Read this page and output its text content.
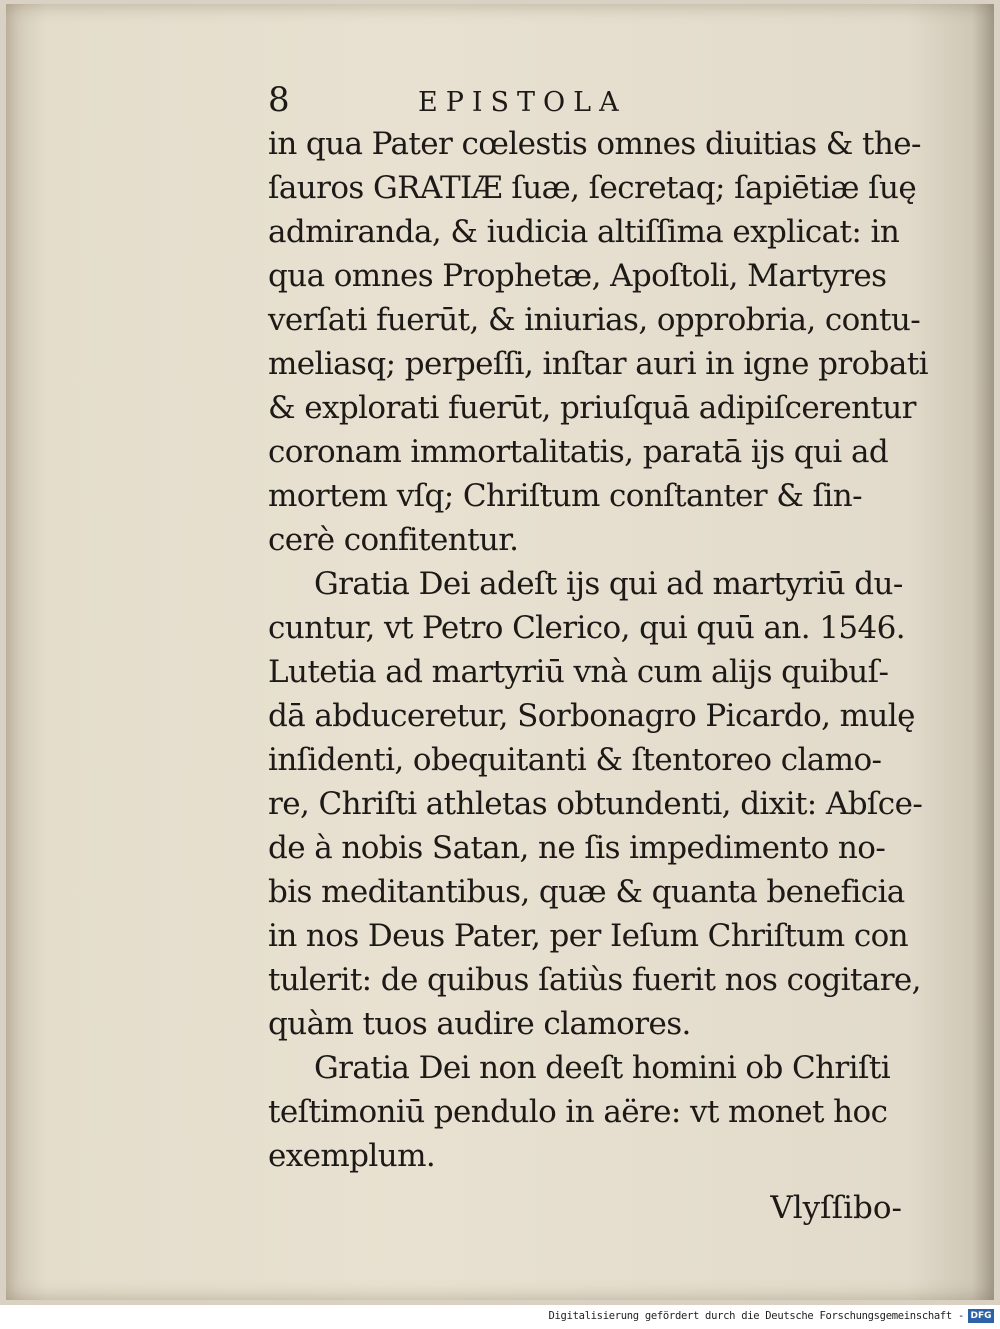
8	EPISTOLA
in qua Pater cœlestis omnes diuitias & the-
ſauros GRATIÆ ſuæ, ſecretaq; ſapiētiæ ſuę
admiranda, & iudicia altiſſima explicat: in
qua omnes Prophetæ, Apoſtoli, Martyres
verſati fuerūt, & iniurias, opprobria, contu-
meliasq; perpeſſi, inſtar auri in igne probati
& explorati fuerūt, priuſquā adipiſcerentur
coronam immortalitatis, paratā ijs qui ad
mortem vſq; Chriſtum conſtanter & ſin-
cerè confitentur.
Gratia Dei adeſt ijs qui ad martyriū du-
cuntur, vt Petro Clerico, qui quū an. 1546.
Lutetia ad martyriū vnà cum alijs quibuſ-
dā abduceretur, Sorbonagro Picardo, mulę
inſidenti, obequitanti & ſtentoreo clamo-
re, Chriſti athletas obtundenti, dixit: Abſce-
de à nobis Satan, ne ſis impedimento no-
bis meditantibus, quæ & quanta beneficia
in nos Deus Pater, per Ieſum Chriſtum con
tulerit: de quibus ſatiùs fuerit nos cogitare,
quàm tuos audire clamores.
Gratia Dei non deeſt homini ob Chriſti
teſtimoniū pendulo in aëre: vt monet hoc
exemplum.
Vlyſſibo-
Digitalisierung gefördert durch die Deutsche Forschungsgemeinschaft - DFG
